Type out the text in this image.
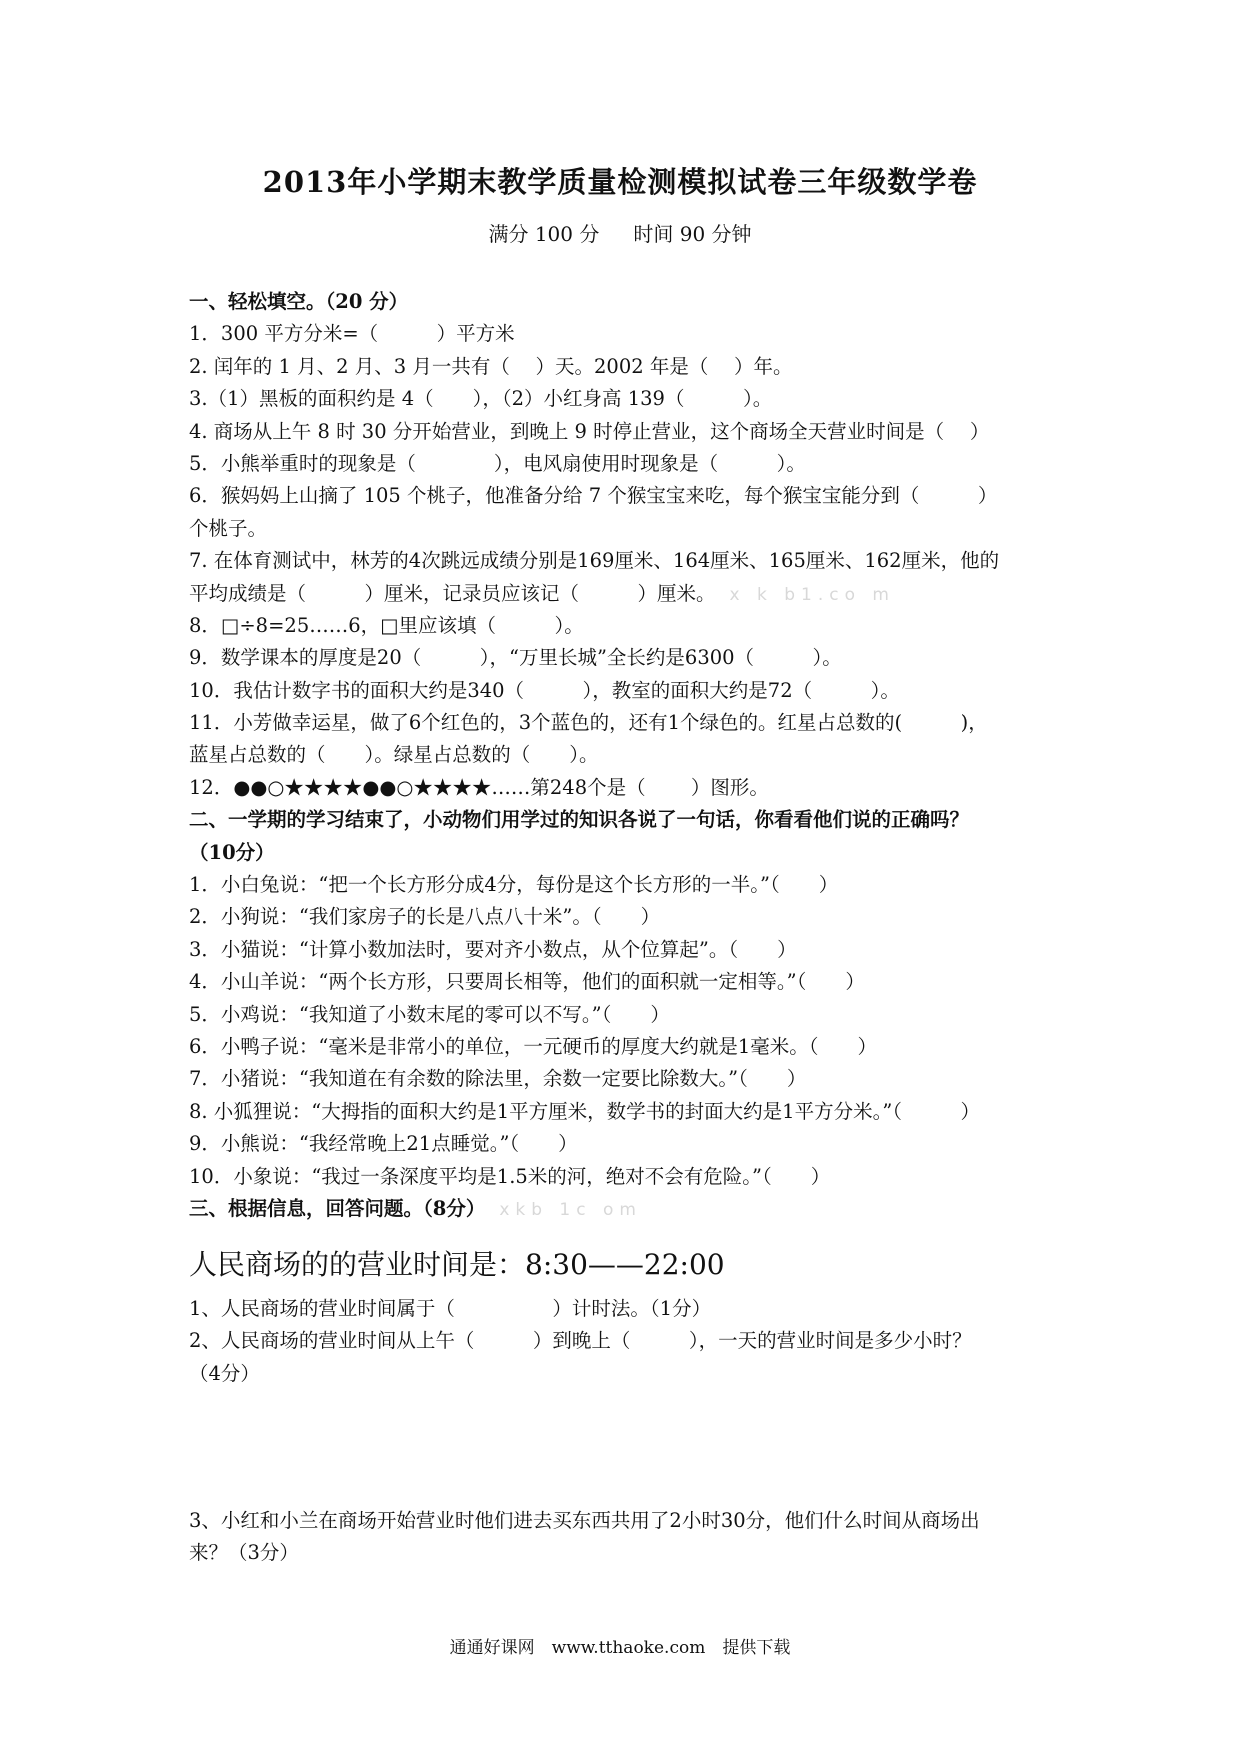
2013年小学期末教学质量检测模拟试卷三年级数学卷
满分 100 分 时间 90 分钟
一、轻松填空。（20 分）
1．300 平方分米=（　　　）平方米
2. 闰年的 1 月、2 月、3 月一共有（　 ）天。2002 年是（　 ）年。
3.（1）黑板的面积约是 4（　　），（2）小红身高 139（　　　）。
4. 商场从上午 8 时 30 分开始营业，到晚上 9 时停止营业，这个商场全天营业时间是（　 ）
5．小熊举重时的现象是（　　　　），电风扇使用时现象是（　　　）。
6．猴妈妈上山摘了 105 个桃子，他准备分给 7 个猴宝宝来吃，每个猴宝宝能分到（　　　）
个桃子。
7. 在体育测试中，林芳的4次跳远成绩分别是169厘米、164厘米、165厘米、162厘米，他的
平均成绩是（　　　）厘米，记录员应该记（　　　）厘米。 x k b1.co m
8．□÷8=25……6，□里应该填（　　　）。
9．数学课本的厚度是20（　　　），“万里长城”全长约是6300（　　　）。
10．我估计数字书的面积大约是340（　　　），教室的面积大约是72（　　　）。
11．小芳做幸运星，做了6个红色的，3个蓝色的，还有1个绿色的。红星占总数的(　　　)，
蓝星占总数的（　　）。绿星占总数的（　　）。
12．●●○★★★★●●○★★★★……第248个是（　　 ）图形。
二、一学期的学习结束了，小动物们用学过的知识各说了一句话，你看看他们说的正确吗？
（10分）
1．小白兔说：“把一个长方形分成4分，每份是这个长方形的一半。”（　　）
2．小狗说：“我们家房子的长是八点八十米”。（　　）
3．小猫说：“计算小数加法时，要对齐小数点，从个位算起”。（　　）
4．小山羊说：“两个长方形，只要周长相等，他们的面积就一定相等。”（　　）
5．小鸡说：“我知道了小数末尾的零可以不写。”（　　）
6．小鸭子说：“毫米是非常小的单位，一元硬币的厚度大约就是1毫米。（　　）
7．小猪说：“我知道在有余数的除法里，余数一定要比除数大。”（　　）
8. 小狐狸说：“大拇指的面积大约是1平方厘米，数学书的封面大约是1平方分米。”（　　　）
9．小熊说：“我经常晚上21点睡觉。”（　　）
10．小象说：“我过一条深度平均是1.5米的河，绝对不会有危险。”（　　）
三、根据信息，回答问题。（8分） xkb 1c om
人民商场的的营业时间是：8:30——22:00
1、人民商场的营业时间属于（　　　　　）计时法。（1分）
2、人民商场的营业时间从上午（　　　）到晚上（　　　），一天的营业时间是多少小时？
（4分）
3、小红和小兰在商场开始营业时他们进去买东西共用了2小时30分，他们什么时间从商场出
来？（3分）
通通好课网　www.tthaoke.com　提供下载
